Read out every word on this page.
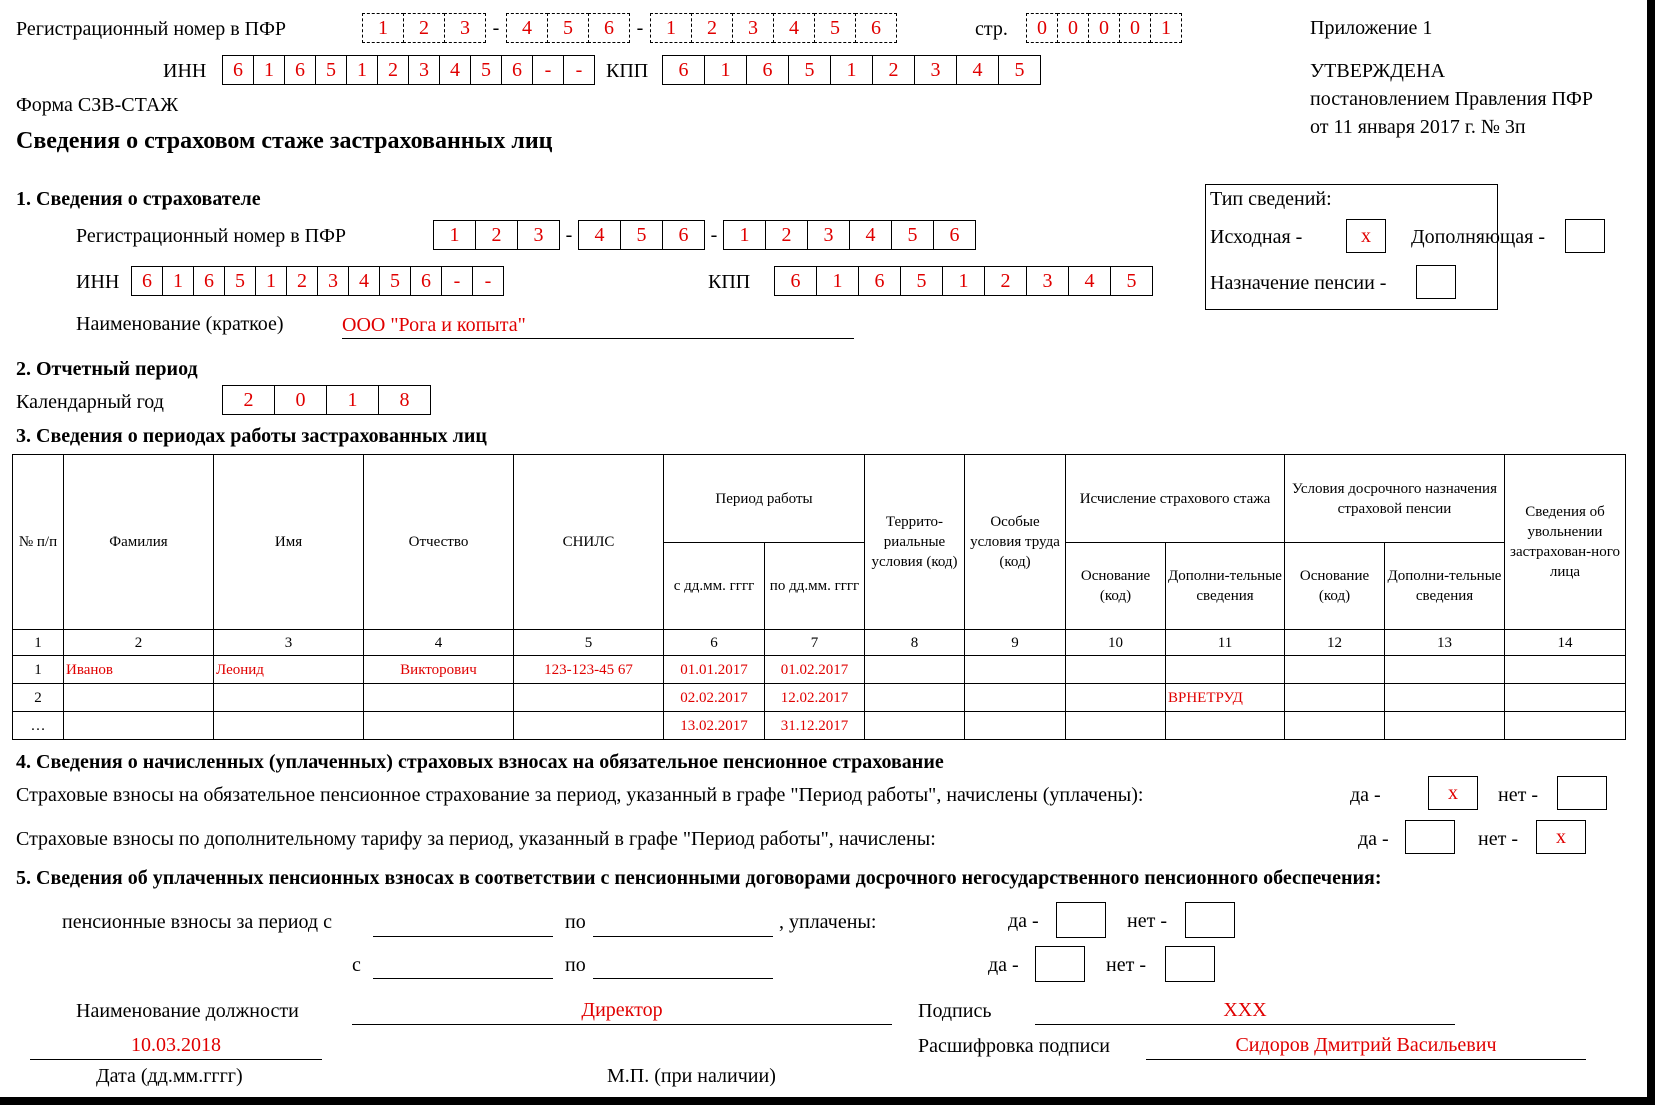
Регистрационный номер в ПФР	1	2	3	-	4	5	6	-	1	2	3	4	5	6	стр.	0	0	0	0	1
ИНН	6	1	6	5	1	2	3	4	5	6	-	-	КПП	6	1	6	5	1	2	3	4	5
Форма СЗВ-СТАЖ
Сведения о страховом стаже застрахованных лиц
Приложение 1
УТВЕРЖДЕНА
постановлением Правления ПФР
от 11 января 2017 г. № 3п
1. Сведения о страхователе
Регистрационный номер в ПФР	1	2	3	-	4	5	6	-	1	2	3	4	5	6
ИНН	6	1	6	5	1	2	3	4	5	6	-	-	КПП	6	1	6	5	1	2	3	4	5
Наименование (краткое)	ООО "Рога и копыта"
Тип сведений:
Исходная -	x	Дополняющая -
Назначение пенсии -
2. Отчетный период
Календарный год	2	0	1	8
3. Сведения о периодах работы застрахованных лиц
№ п/п	Фамилия	Имя	Отчество	СНИЛС	Период работы		Террито-риальные условия (код)	Особые условия труда (код)	Исчисление страхового стажа		Условия досрочного назначения страховой пенсии		Сведения об увольнении застрахован-ного лица
					с дд.мм. гггг	по дд.мм. гггг			Основание (код)	Дополни-тельные сведения	Основание (код)	Дополни-тельные сведения	
1	2	3	4	5	6	7	8	9	10	11	12	13	14
1	Иванов	Леонид	Викторович	123-123-45 67	01.01.2017	01.02.2017							
2					02.02.2017	12.02.2017				ВРНЕТРУД			
…					13.02.2017	31.12.2017							
4. Сведения о начисленных (уплаченных) страховых взносах на обязательное пенсионное страхование
Страховые взносы на обязательное пенсионное страхование за период, указанный в графе "Период работы", начислены (уплачены):	да -	x	нет -
Страховые взносы по дополнительному тарифу за период, указанный в графе "Период работы", начислены:	да -	нет -	x
5. Сведения об уплаченных пенсионных взносах в соответствии с пенсионными договорами досрочного негосударственного пенсионного обеспечения:
пенсионные взносы за период с	по	, уплачены:	да -	нет -
с	по	да -	нет -
Наименование должности	Директор	Подпись	ХХХ
10.03.2018	Расшифровка подписи	Сидоров Дмитрий Васильевич
Дата (дд.мм.гггг)	М.П. (при наличии)
